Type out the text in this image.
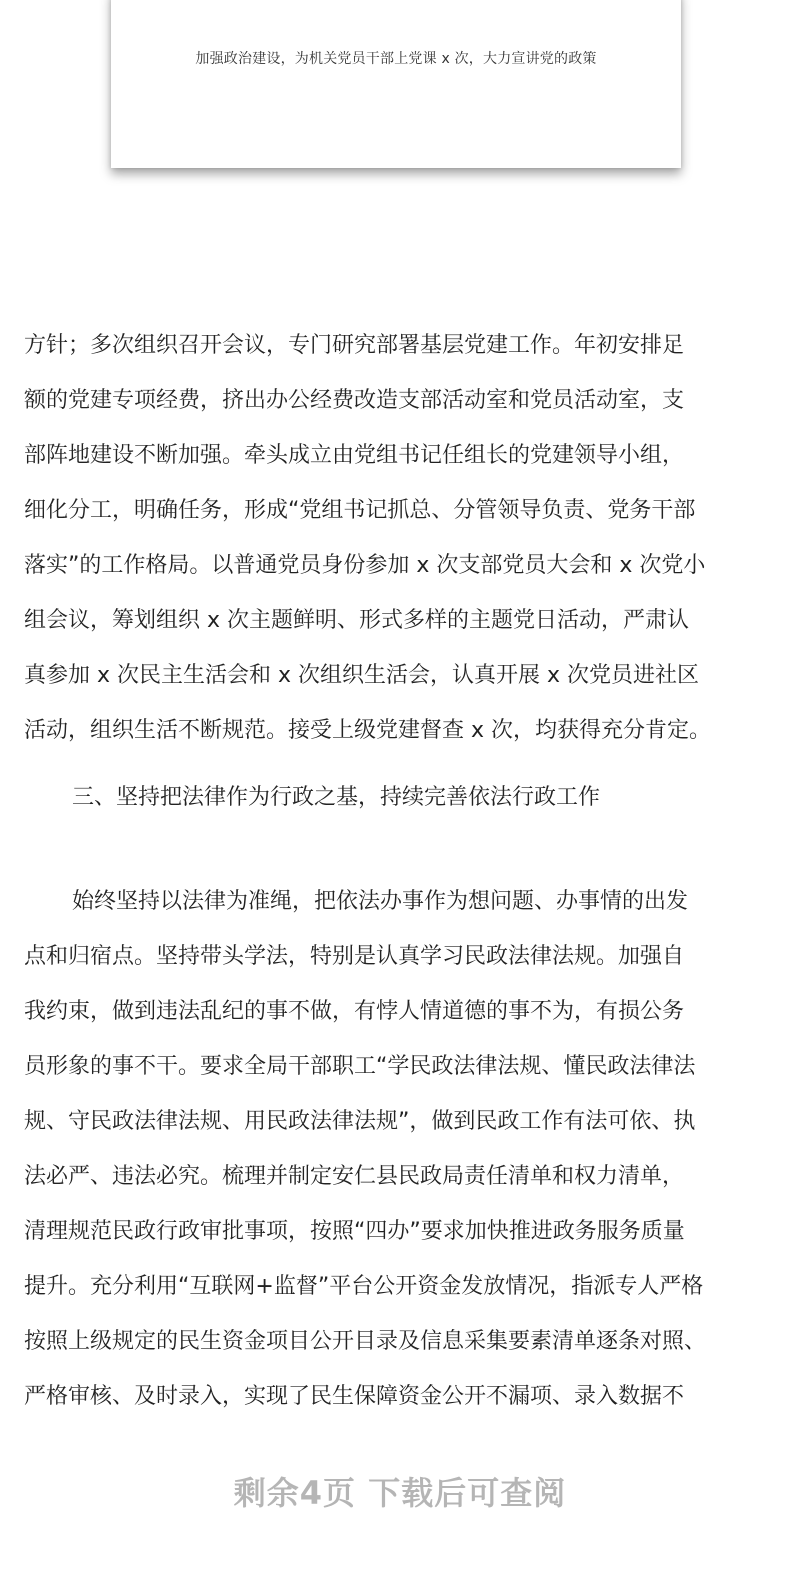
加强政治建设，为机关党员干部上党课 x 次，大力宣讲党的政策
方针；多次组织召开会议，专门研究部署基层党建工作。年初安排足
额的党建专项经费，挤出办公经费改造支部活动室和党员活动室，支
部阵地建设不断加强。牵头成立由党组书记任组长的党建领导小组，
细化分工，明确任务，形成“党组书记抓总、分管领导负责、党务干部
落实”的工作格局。以普通党员身份参加 x 次支部党员大会和 x 次党小
组会议，筹划组织 x 次主题鲜明、形式多样的主题党日活动，严肃认
真参加 x 次民主生活会和 x 次组织生活会，认真开展 x 次党员进社区
活动，组织生活不断规范。接受上级党建督查 x 次，均获得充分肯定。
三、坚持把法律作为行政之基，持续完善依法行政工作
始终坚持以法律为准绳，把依法办事作为想问题、办事情的出发
点和归宿点。坚持带头学法，特别是认真学习民政法律法规。加强自
我约束，做到违法乱纪的事不做，有悖人情道德的事不为，有损公务
员形象的事不干。要求全局干部职工“学民政法律法规、懂民政法律法
规、守民政法律法规、用民政法律法规”，做到民政工作有法可依、执
法必严、违法必究。梳理并制定安仁县民政局责任清单和权力清单，
清理规范民政行政审批事项，按照“四办”要求加快推进政务服务质量
提升。充分利用“互联网+监督”平台公开资金发放情况，指派专人严格
按照上级规定的民生资金项目公开目录及信息采集要素清单逐条对照、
严格审核、及时录入，实现了民生保障资金公开不漏项、录入数据不
剩余4页 下载后可查阅
